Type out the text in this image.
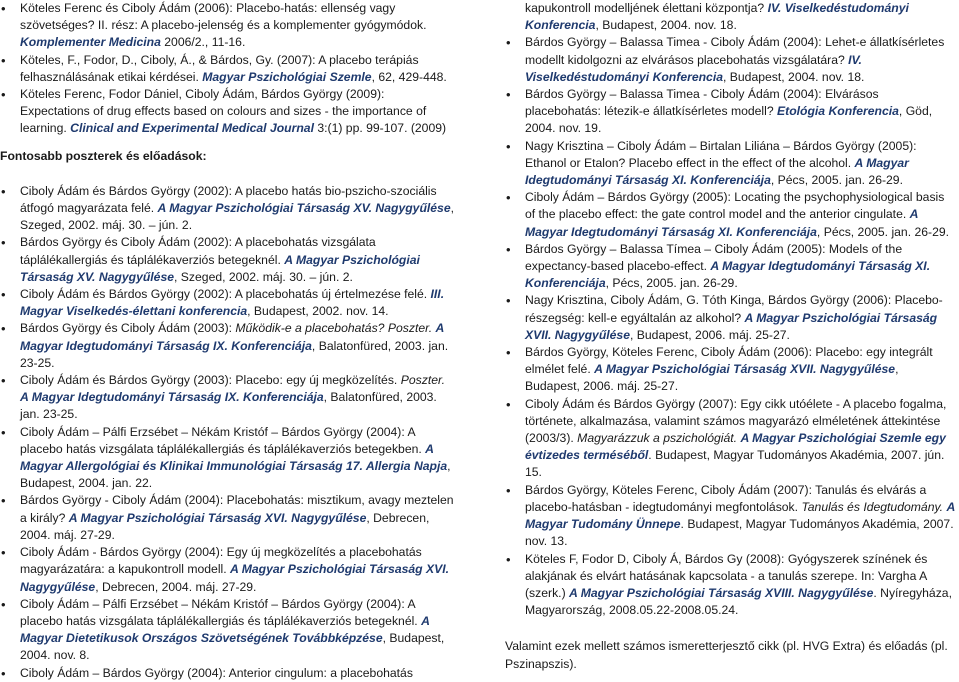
• Köteles Ferenc és Ciboly Ádám (2006): Placebo-hatás: ellenség vagy szövetséges? II. rész: A placebo-jelenség és a komplementer gyógymódok. Komplementer Medicina 2006/2., 11-16.

• Köteles, F., Fodor, D., Ciboly, Á., & Bárdos, Gy. (2007): A placebo terápiás felhasználásának etikai kérdései. Magyar Pszichológiai Szemle, 62, 429-448.

• Köteles Ferenc, Fodor Dániel, Ciboly Ádám, Bárdos György (2009): Expectations of drug effects based on colours and sizes - the importance of learning. Clinical and Experimental Medical Journal 3:(1) pp. 99-107. (2009)

Fontosabb poszterek és előadások:

• Ciboly Ádám és Bárdos György (2002): A placebo hatás bio-pszicho-szociális átfogó magyarázata felé. A Magyar Pszichológiai Társaság XV. Nagygyűlése, Szeged, 2002. máj. 30. – jún. 2.

• Bárdos György és Ciboly Ádám (2002): A placebohatás vizsgálata táplálékallergiás és táplálékaverziós betegeknél. A Magyar Pszichológiai Társaság XV. Nagygyűlése, Szeged, 2002. máj. 30. – jún. 2.

• Ciboly Ádám és Bárdos György (2002): A placebohatás új értelmezése felé. III. Magyar Viselkedés-élettani konferencia, Budapest, 2002. nov. 14.

• Bárdos György és Ciboly Ádám (2003): Működik-e a placebohatás? Poszter. A Magyar Idegtudományi Társaság IX. Konferenciája, Balatonfüred, 2003. jan. 23-25.

• Ciboly Ádám és Bárdos György (2003): Placebo: egy új megközelítés. Poszter. A Magyar Idegtudományi Társaság IX. Konferenciája, Balatonfüred, 2003. jan. 23-25.

• Ciboly Ádám – Pálfi Erzsébet – Nékám Kristóf – Bárdos György (2004): A placebo hatás vizsgálata táplálékallergiás és táplálékaverziós betegekben. A Magyar Allergológiai és Klinikai Immunológiai Társaság 17. Allergia Napja, Budapest, 2004. jan. 22.

• Bárdos György - Ciboly Ádám (2004): Placebohatás: misztikum, avagy meztelen a király? A Magyar Pszichológiai Társaság XVI. Nagygyűlése, Debrecen, 2004. máj. 27-29.

• Ciboly Ádám - Bárdos György (2004): Egy új megközelítés a placebohatás magyarázatára: a kapukontroll modell. A Magyar Pszichológiai Társaság XVI. Nagygyűlése, Debrecen, 2004. máj. 27-29.

• Ciboly Ádám – Pálfi Erzsébet – Nékám Kristóf – Bárdos György (2004): A placebo hatás vizsgálata táplálékallergiás és táplálékaverziós betegeknél. A Magyar Dietetikusok Országos Szövetségének Továbbképzése, Budapest, 2004. nov. 8.

• Ciboly Ádám – Bárdos György (2004): Anterior cingulum: a placebohatás

kapukontroll modelljének élettani központja? IV. Viselkedéstudományi Konferencia, Budapest, 2004. nov. 18.

• Bárdos György – Balassa Timea - Ciboly Ádám (2004): Lehet-e állatkísérletes modellt kidolgozni az elvárásos placebohatás vizsgálatára? IV. Viselkedéstudományi Konferencia, Budapest, 2004. nov. 18.

• Bárdos György – Balassa Timea - Ciboly Ádám (2004): Elvárásos placebohatás: létezik-e állatkísérletes modell? Etológia Konferencia, Göd, 2004. nov. 19.

• Nagy Krisztina – Ciboly Ádám – Birtalan Liliána – Bárdos György (2005): Ethanol or Etalon? Placebo effect in the effect of the alcohol. A Magyar Idegtudományi Társaság XI. Konferenciája, Pécs, 2005. jan. 26-29.

• Ciboly Ádám – Bárdos György (2005): Locating the psychophysiological basis of the placebo effect: the gate control model and the anterior cingulate. A Magyar Idegtudományi Társaság XI. Konferenciája, Pécs, 2005. jan. 26-29.

• Bárdos György – Balassa Tímea – Ciboly Ádám (2005): Models of the expectancy-based placebo-effect. A Magyar Idegtudományi Társaság XI. Konferenciája, Pécs, 2005. jan. 26-29.

• Nagy Krisztina, Ciboly Ádám, G. Tóth Kinga, Bárdos György (2006): Placebo-részegség: kell-e egyáltalán az alkohol? A Magyar Pszichológiai Társaság XVII. Nagygyűlése, Budapest, 2006. máj. 25-27.

• Bárdos György, Köteles Ferenc, Ciboly Ádám (2006): Placebo: egy integrált elmélet felé. A Magyar Pszichológiai Társaság XVII. Nagygyűlése, Budapest, 2006. máj. 25-27.

• Ciboly Ádám és Bárdos György (2007): Egy cikk utóélete - A placebo fogalma, története, alkalmazása, valamint számos magyarázó elméletének áttekintése (2003/3). Magyarázzuk a pszichológiát. A Magyar Pszichológiai Szemle egy évtizedes terméséből. Budapest, Magyar Tudományos Akadémia, 2007. jún. 15.

• Bárdos György, Köteles Ferenc, Ciboly Ádám (2007): Tanulás és elvárás a placebo-hatásban - idegtudományi megfontolások. Tanulás és Idegtudomány. A Magyar Tudomány Ünnepe. Budapest, Magyar Tudományos Akadémia, 2007. nov. 13.

• Köteles F, Fodor D, Ciboly Á, Bárdos Gy (2008): Gyógyszerek színének és alakjának és elvárt hatásának kapcsolata - a tanulás szerepe. In: Vargha A (szerk.) A Magyar Pszichológiai Társaság XVIII. Nagygyűlése. Nyíregyháza, Magyarország, 2008.05.22-2008.05.24.

Valamint ezek mellett számos ismeretterjesztő cikk (pl. HVG Extra) és előadás (pl. Pszinapszis).
